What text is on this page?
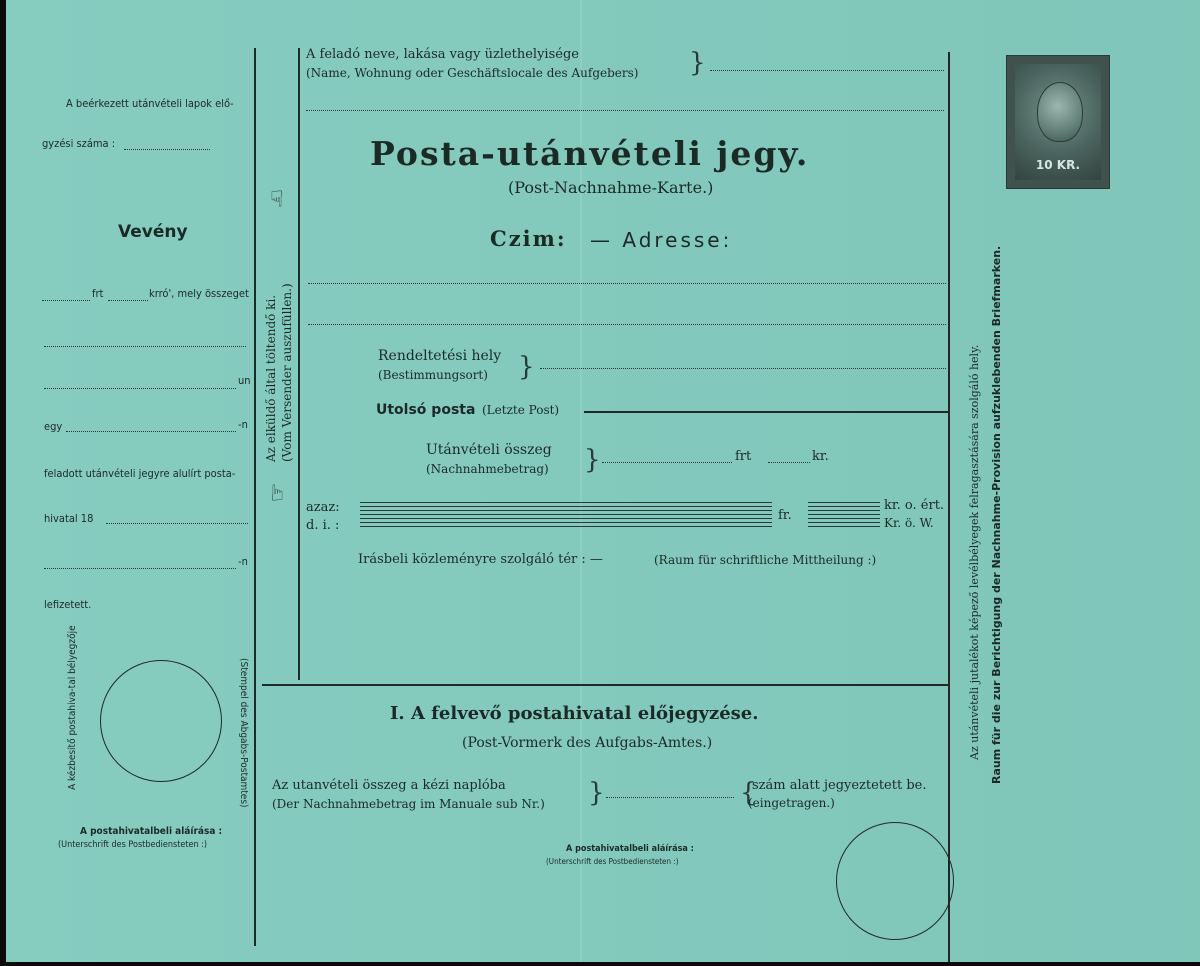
A beérkezett utánvételi lapok elő-
gyzési száma :
Vevény
frt	krró', mely összeget
un
egy	-n
feladott utánvételi jegyre alulírt posta-
hivatal 18
-n
lefizetett.
A kézbesítő postahiva-tal bélyegzője	(Stempel des Abgabs-Postamtes)
A postahivatalbeli aláírása :
(Unterschrift des Postbediensteten :)
☞
Az elküldő által töltendő ki. (Vom Versender auszufüllen.)
☞
A feladó neve, lakása vagy üzlethelyisége
(Name, Wohnung oder Geschäftslocale des Aufgebers) }
Posta-utánvételi jegy.
(Post-Nachnahme-Karte.)
Czim: — Adresse:
Rendeltetési hely
(Bestimmungsort) }
Utolsó posta (Letzte Post)
Utánvételi összeg
(Nachnahmebetrag) }	frt	kr.
azaz:
d. i. :
fr.
kr. o. ért.
Kr. ö. W.
Irásbeli közleményre szolgáló tér : —	(Raum für schriftliche Mittheilung :)
I. A felvevő postahivatal előjegyzése.
(Post-Vormerk des Aufgabs-Amtes.)
Az utanvételi összeg a kézi naplóba
(Der Nachnahmebetrag im Manuale sub Nr.) }	{
szám alatt jegyeztetett be.
(eingetragen.)
A postahivatalbeli aláírása :
(Unterschrift des Postbediensteten :)
10 KR.
Az utánvételi jutalékot képező levélbélyegek felragasztására szolgáló hely. Raum für die zur Berichtigung der Nachnahme-Provision aufzuklebenden Briefmarken.
